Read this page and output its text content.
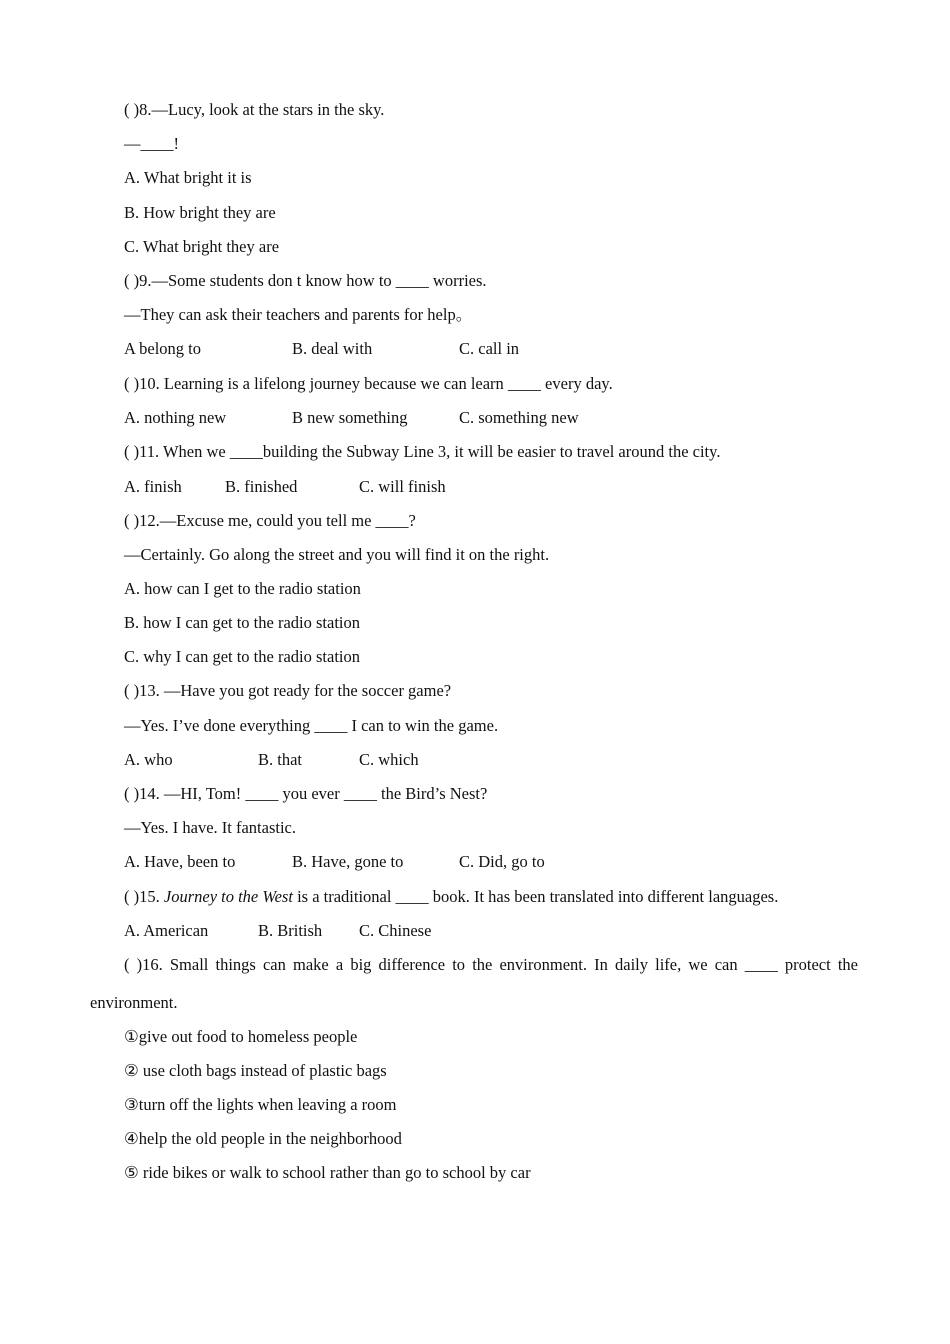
( )8.—Lucy, look at the stars in the sky.
—____!
A. What bright it is
B. How bright they are
C. What bright they are
( )9.—Some students don t know how to ____ worries.
—They can ask their teachers and parents for help。
A belong to	B. deal with	C. call in
( )10. Learning is a lifelong journey because we can learn ____ every day.
A. nothing new	B new something	C. something new
( )11. When we ____building the Subway Line 3, it will be easier to travel around the city.
A. finish	B. finished	C. will finish
( )12.—Excuse me, could you tell me ____?
—Certainly. Go along the street and you will find it on the right.
A. how can I get to the radio station
B. how I can get to the radio station
C. why I can get to the radio station
( )13. —Have you got ready for the soccer game?
—Yes. I’ve done everything ____ I can to win the game.
A. who	B. that	C. which
( )14. —HI, Tom! ____ you ever ____ the Bird’s Nest?
—Yes. I have. It fantastic.
A. Have, been to	B. Have, gone to	C. Did, go to
( )15. Journey to the West is a traditional ____ book. It has been translated into different languages.
A. American	B. British C. Chinese
( )16. Small things can make a big difference to the environment. In daily life, we can ____ protect the
environment.
①give out food to homeless people
② use cloth bags instead of plastic bags
③turn off the lights when leaving a room
④help the old people in the neighborhood
⑤ ride bikes or walk to school rather than go to school by car
